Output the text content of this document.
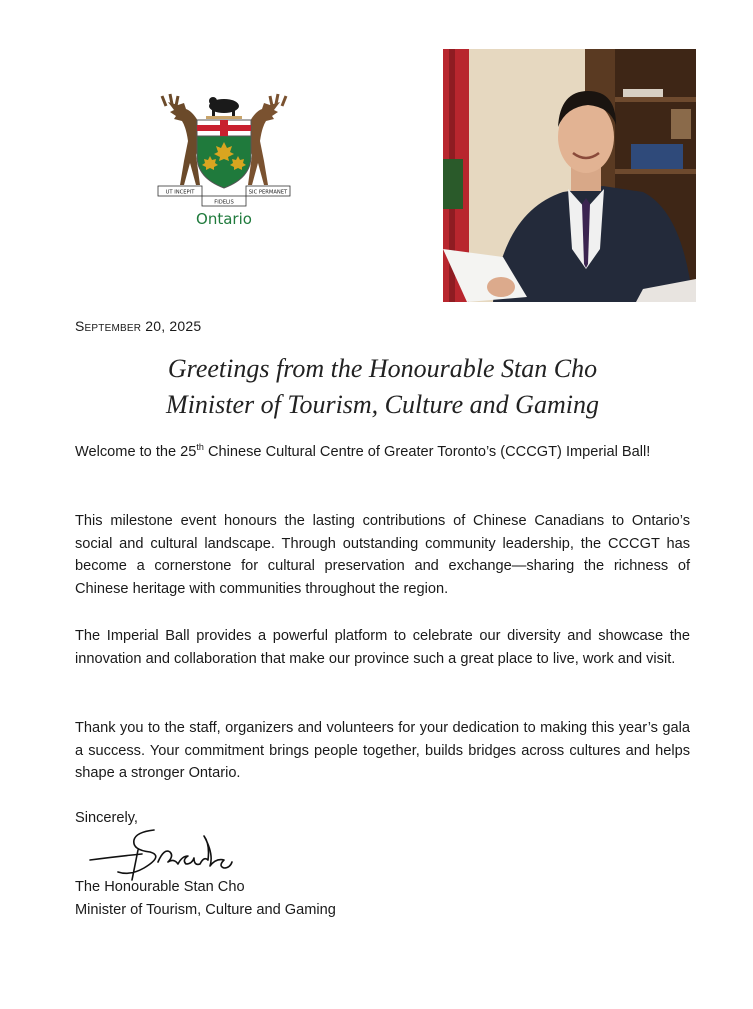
UT INCEPIT
FIDELIS
SIC PERMANET
Ontario
September 20, 2025
Greetings from the Honourable Stan Cho
Minister of Tourism, Culture and Gaming
Welcome to the 25th Chinese Cultural Centre of Greater Toronto’s (CCCGT) Imperial Ball!
This milestone event honours the lasting contributions of Chinese Canadians to Ontario’s social and cultural landscape. Through outstanding community leadership, the CCCGT has become a cornerstone for cultural preservation and exchange—sharing the richness of Chinese heritage with communities throughout the region.
The Imperial Ball provides a powerful platform to celebrate our diversity and showcase the innovation and collaboration that make our province such a great place to live, work and visit.
Thank you to the staff, organizers and volunteers for your dedication to making this year’s gala a success. Your commitment brings people together, builds bridges across cultures and helps shape a stronger Ontario.
Sincerely,
The Honourable Stan Cho
Minister of Tourism, Culture and Gaming
